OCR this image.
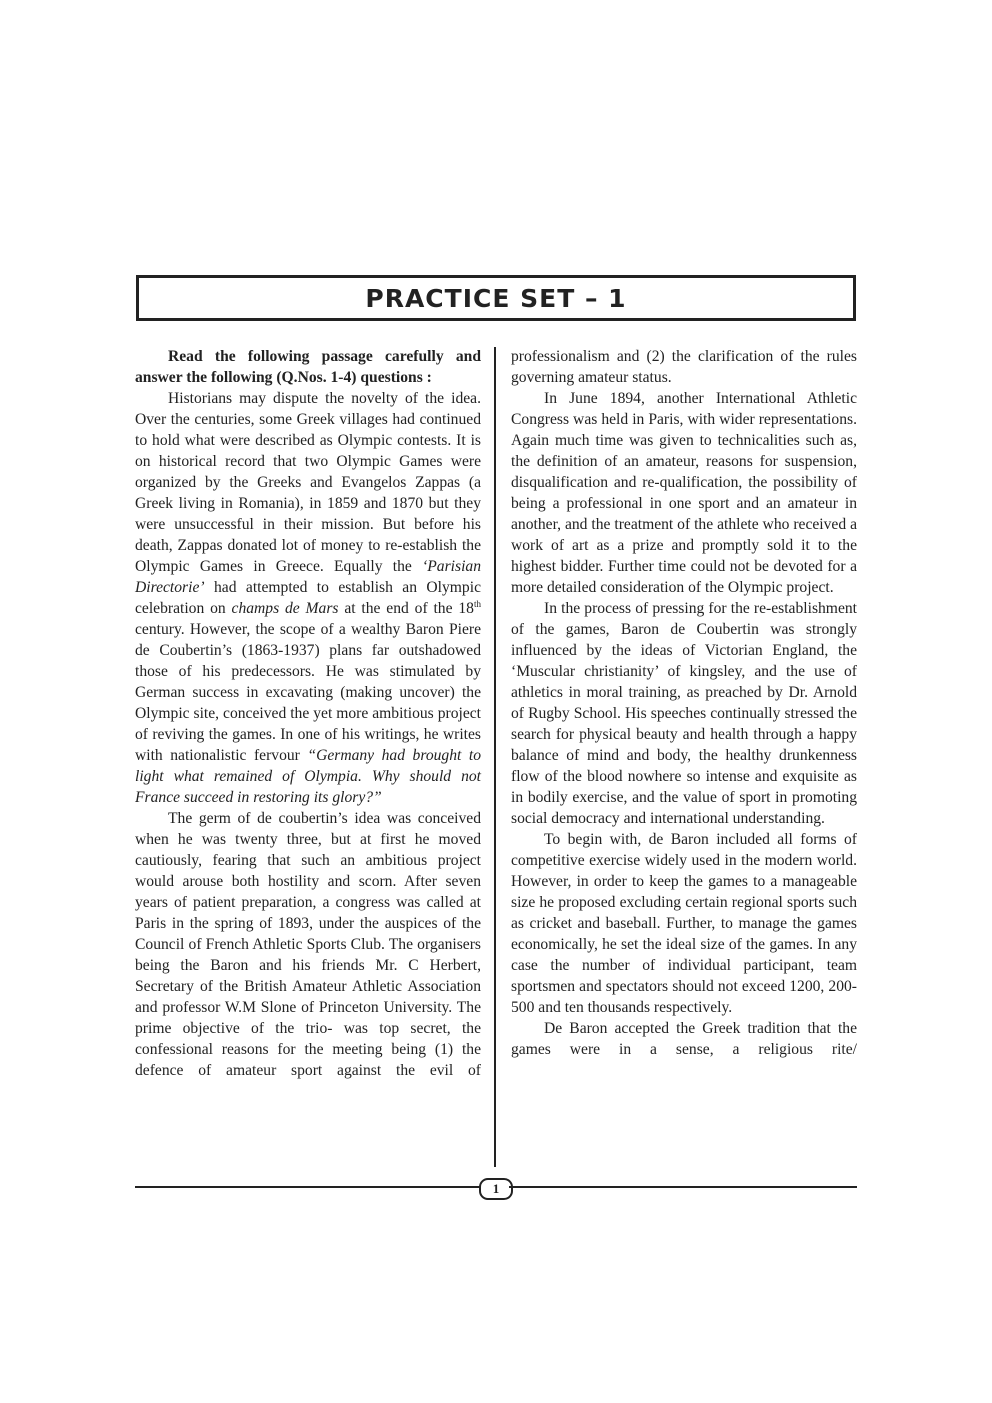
PRACTICE SET – 1

Read the following passage carefully and answer the following (Q.Nos. 1-4) questions :

Historians may dispute the novelty of the idea. Over the centuries, some Greek villages had continued to hold what were described as Olympic contests. It is on historical record that two Olympic Games were organized by the Greeks and Evangelos Zappas (a Greek living in Romania), in 1859 and 1870 but they were unsuccessful in their mission. But before his death, Zappas donated lot of money to re-establish the Olympic Games in Greece. Equally the ‘Parisian Directorie’ had attempted to establish an Olympic celebration on champs de Mars at the end of the 18th century. However, the scope of a wealthy Baron Piere de Coubertin’s (1863-1937) plans far outshadowed those of his predecessors. He was stimulated by German success in excavating (making uncover) the Olympic site, conceived the yet more ambitious project of reviving the games. In one of his writings, he writes with nationalistic fervour “Germany had brought to light what remained of Olympia. Why should not France succeed in restoring its glory?”

The germ of de coubertin’s idea was conceived when he was twenty three, but at first he moved cautiously, fearing that such an ambitious project would arouse both hostility and scorn. After seven years of patient preparation, a congress was called at Paris in the spring of 1893, under the auspices of the Council of French Athletic Sports Club. The organisers being the Baron and his friends Mr. C Herbert, Secretary of the British Amateur Athletic Association and professor W.M Slone of Princeton University. The prime objective of the trio- was top secret, the confessional reasons for the meeting being (1) the defence of amateur sport against the evil of

professionalism and (2) the clarification of the rules governing amateur status.

In June 1894, another International Athletic Congress was held in Paris, with wider representations. Again much time was given to technicalities such as, the definition of an amateur, reasons for suspension, disqualification and re-qualification, the possibility of being a professional in one sport and an amateur in another, and the treatment of the athlete who received a work of art as a prize and promptly sold it to the highest bidder. Further time could not be devoted for a more detailed consideration of the Olympic project.

In the process of pressing for the re-establishment of the games, Baron de Coubertin was strongly influenced by the ideas of Victorian England, the ‘Muscular christianity’ of kingsley, and the use of athletics in moral training, as preached by Dr. Arnold of Rugby School. His speeches continually stressed the search for physical beauty and health through a happy balance of mind and body, the healthy drunkenness flow of the blood nowhere so intense and exquisite as in bodily exercise, and the value of sport in promoting social democracy and international understanding.

To begin with, de Baron included all forms of competitive exercise widely used in the modern world. However, in order to keep the games to a manageable size he proposed excluding certain regional sports such as cricket and baseball. Further, to manage the games economically, he set the ideal size of the games. In any case the number of individual participant, team sportsmen and spectators should not exceed 1200, 200-500 and ten thousands respectively.

De Baron accepted the Greek tradition that the games were in a sense, a religious rite/

1
